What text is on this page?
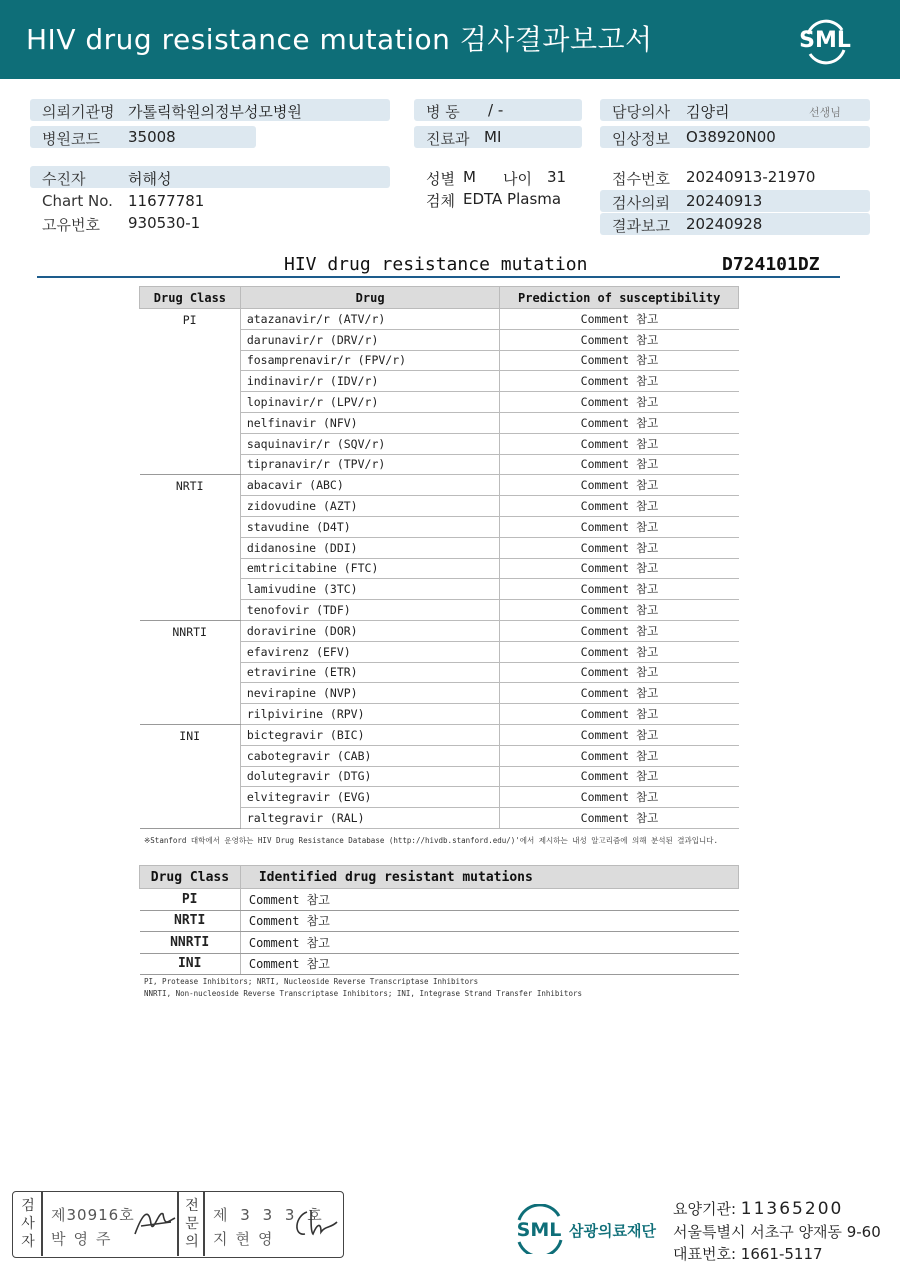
HIV drug resistance mutation 검사결과보고서	SML
의뢰기관명 가톨릭학원의정부성모병원
병원코드 35008
병 동 / -
진료과 MI
담당의사 김양리	선생님
임상정보 O38920N00
수진자	허해성
Chart No. 11677781
고유번호 930530-1
성별 M 나이 31
검체 EDTA Plasma
접수번호 20240913-21970
검사의뢰 20240913
결과보고 20240928
HIV drug resistance mutation	D724101DZ
Drug Class	Drug	Prediction of susceptibility
PI	atazanavir/r (ATV/r)	Comment 참고
	darunavir/r (DRV/r)	Comment 참고
	fosamprenavir/r (FPV/r)	Comment 참고
	indinavir/r (IDV/r)	Comment 참고
	lopinavir/r (LPV/r)	Comment 참고
	nelfinavir (NFV)	Comment 참고
	saquinavir/r (SQV/r)	Comment 참고
	tipranavir/r (TPV/r)	Comment 참고
NRTI	abacavir (ABC)	Comment 참고
	zidovudine (AZT)	Comment 참고
	stavudine (D4T)	Comment 참고
	didanosine (DDI)	Comment 참고
	emtricitabine (FTC)	Comment 참고
	lamivudine (3TC)	Comment 참고
	tenofovir (TDF)	Comment 참고
NNRTI	doravirine (DOR)	Comment 참고
	efavirenz (EFV)	Comment 참고
	etravirine (ETR)	Comment 참고
	nevirapine (NVP)	Comment 참고
	rilpivirine (RPV)	Comment 참고
INI	bictegravir (BIC)	Comment 참고
	cabotegravir (CAB)	Comment 참고
	dolutegravir (DTG)	Comment 참고
	elvitegravir (EVG)	Comment 참고
	raltegravir (RAL)	Comment 참고
※Stanford 대학에서 운영하는 HIV Drug Resistance Database (http://hivdb.stanford.edu/)'에서 제시하는 내성 알고리즘에 의해 분석된 결과입니다.
Drug Class	Identified drug resistant mutations
PI	Comment 참고
NRTI	Comment 참고
NNRTI	Comment 참고
INI	Comment 참고
PI, Protease Inhibitors; NRTI, Nucleoside Reverse Transcriptase Inhibitors
NNRTI, Non-nucleoside Reverse Transcriptase Inhibitors; INI, Integrase Strand Transfer Inhibitors
검사자
제30916호
박영주
전문의
제 3 3 3 호
지현영	SML 삼광의료재단
요양기관: 11365200
서울특별시 서초구 양재동 9-60
대표번호: 1661-5117
